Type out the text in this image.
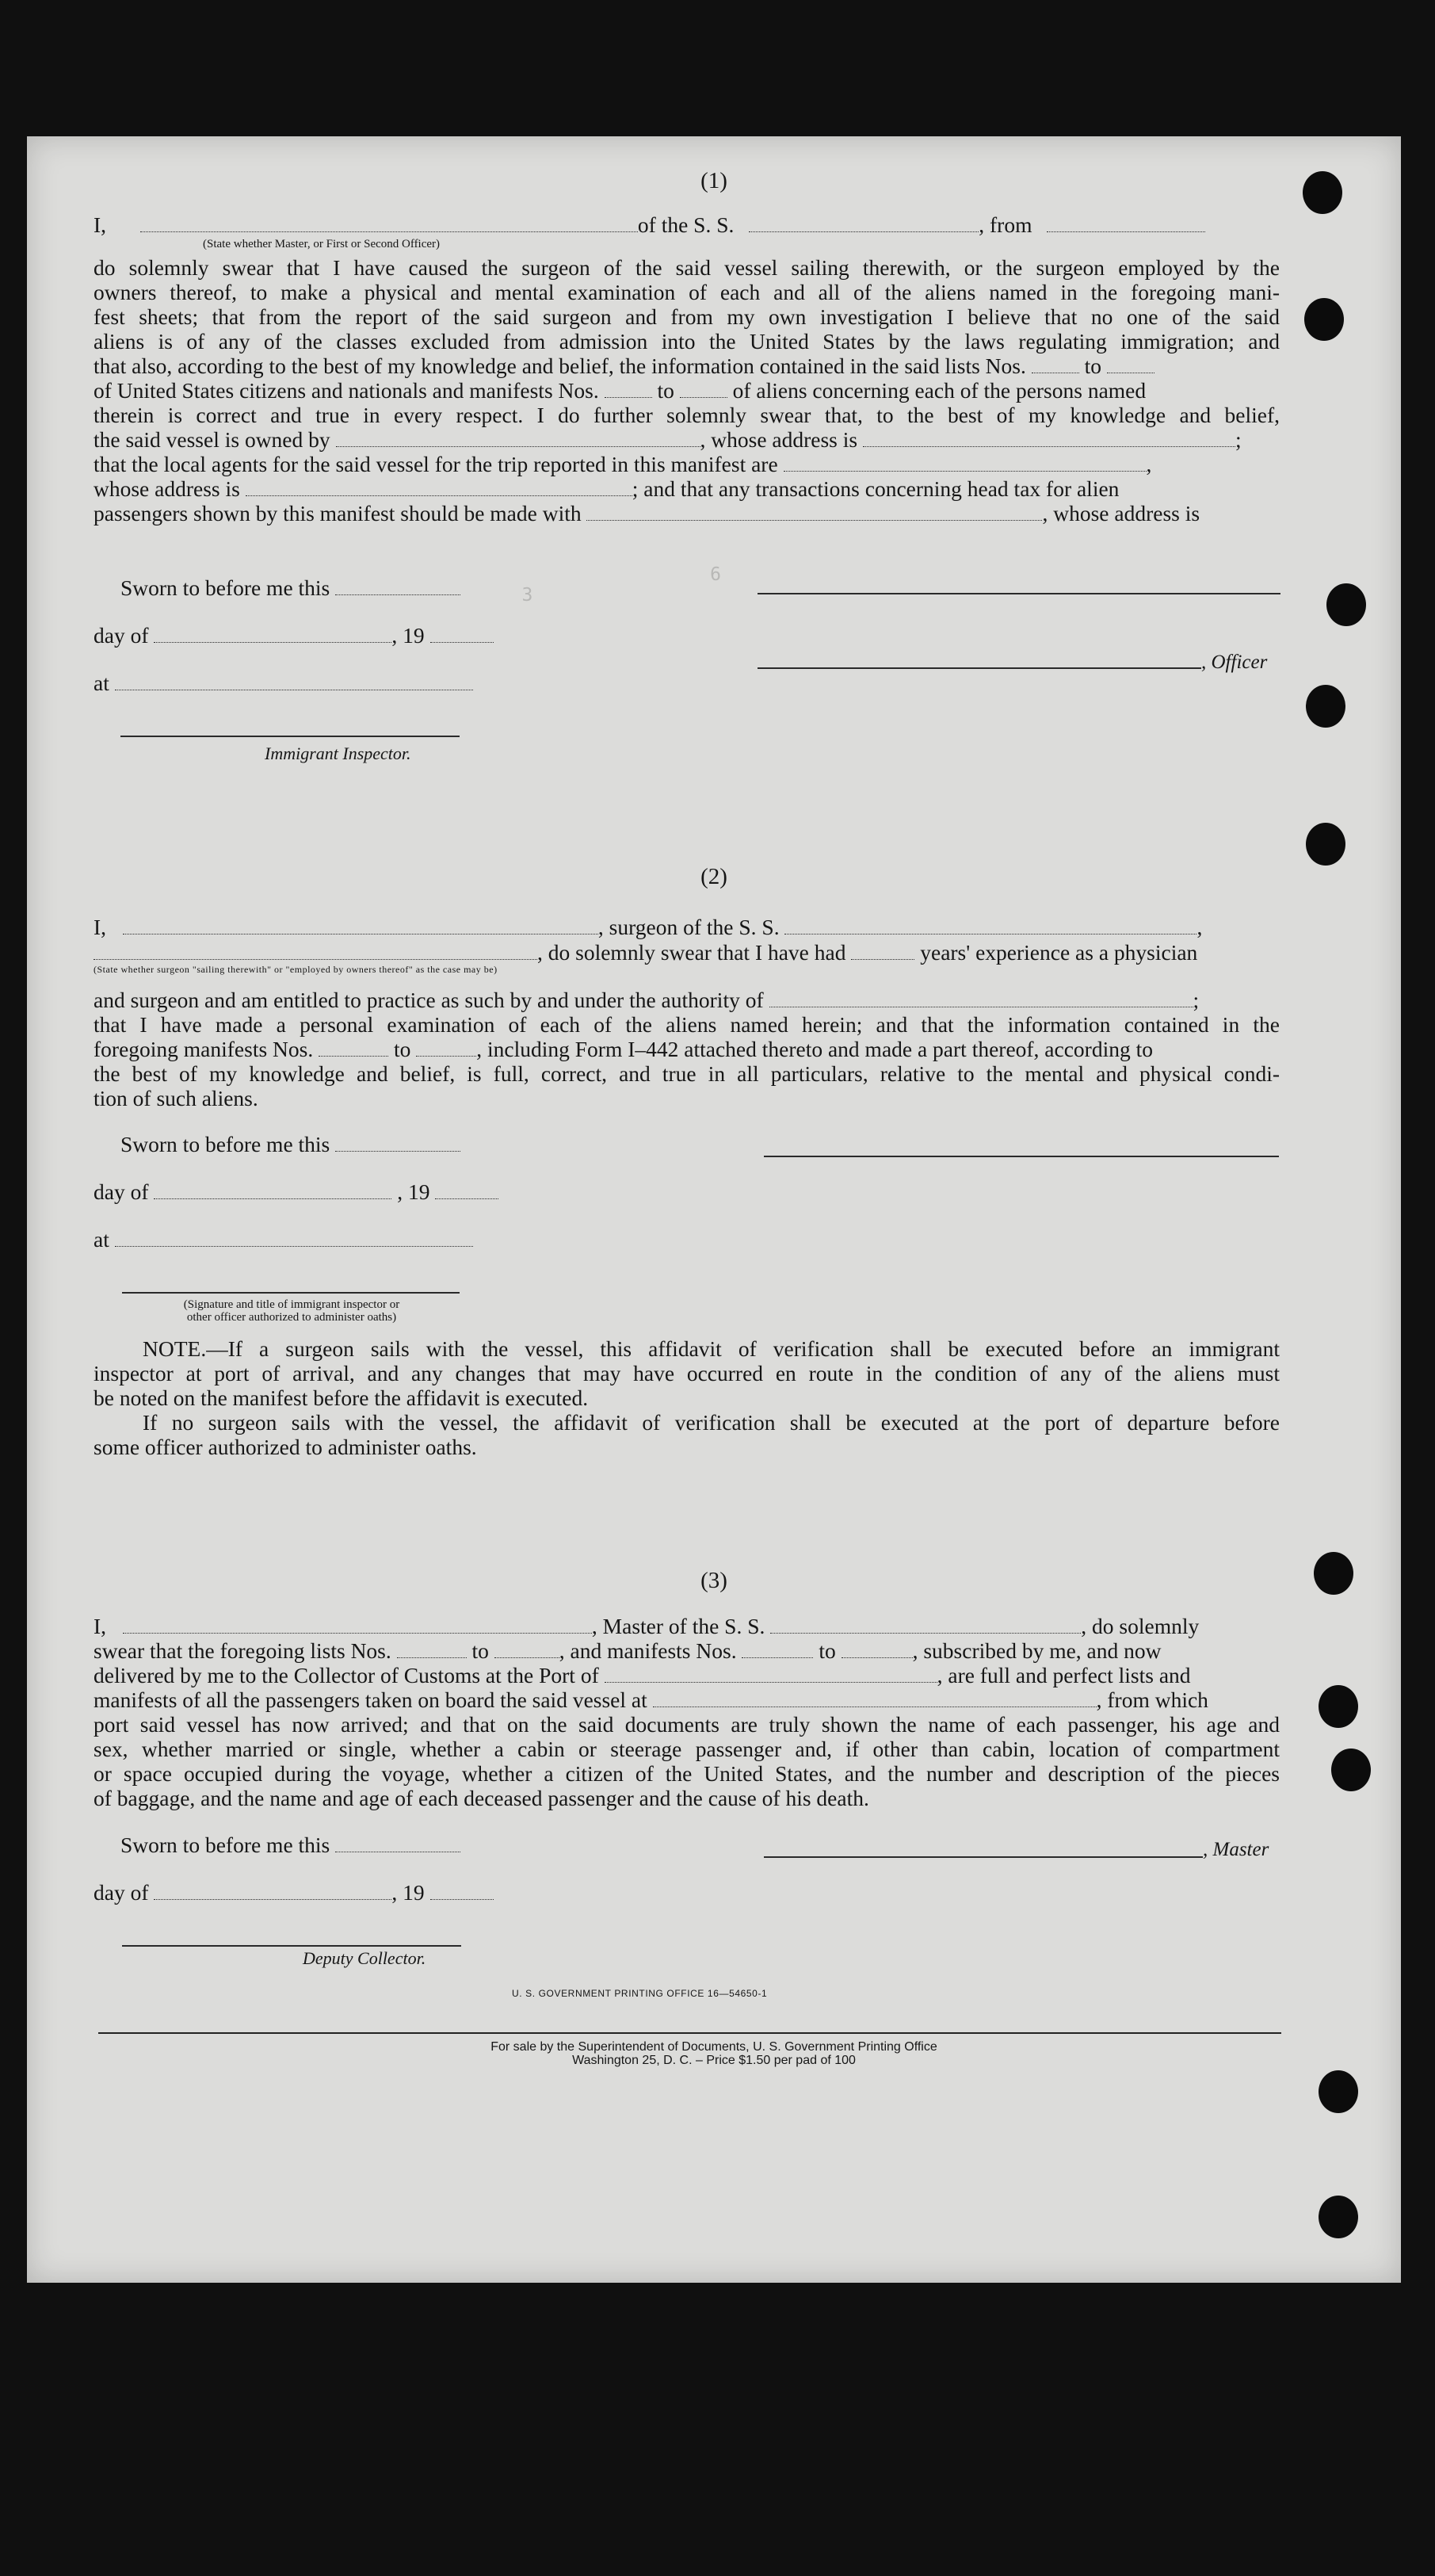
6
3
(1)
I,	of the S. S.	, from
(State whether Master, or First or Second Officer)
do solemnly swear that I have caused the surgeon of the said vessel sailing therewith, or the surgeon employed by the
owners thereof, to make a physical and mental examination of each and all of the aliens named in the foregoing mani-
fest sheets; that from the report of the said surgeon and from my own investigation I believe that no one of the said
aliens is of any of the classes excluded from admission into the United States by the laws regulating immigration; and
that also, according to the best of my knowledge and belief, the information contained in the said lists Nos.	to
of United States citizens and nationals and manifests Nos.	to	of aliens concerning each of the persons named
therein is correct and true in every respect. I do further solemnly swear that, to the best of my knowledge and belief,
the said vessel is owned by	, whose address is	;
that the local agents for the said vessel for the trip reported in this manifest are	,
whose address is	; and that any transactions concerning head tax for alien
passengers shown by this manifest should be made with	, whose address is
Sworn to before me this
day of	, 19
at
Immigrant Inspector.
, Officer
(2)
I,	, surgeon of the S. S.	,
, do solemnly swear that I have had	years' experience as a physician
(State whether surgeon "sailing therewith" or "employed by owners thereof" as the case may be)
and surgeon and am entitled to practice as such by and under the authority of	;
that I have made a personal examination of each of the aliens named herein; and that the information contained in the
foregoing manifests Nos.	to	, including Form I–442 attached thereto and made a part thereof, according to
the best of my knowledge and belief, is full, correct, and true in all particulars, relative to the mental and physical condi-
tion of such aliens.
Sworn to before me this
day of	, 19
at
(Signature and title of immigrant inspector or
other officer authorized to administer oaths)
NOTE.—If a surgeon sails with the vessel, this affidavit of verification shall be executed before an immigrant
inspector at port of arrival, and any changes that may have occurred en route in the condition of any of the aliens must
be noted on the manifest before the affidavit is executed.
If no surgeon sails with the vessel, the affidavit of verification shall be executed at the port of departure before
some officer authorized to administer oaths.
(3)
I,	, Master of the S. S.	, do solemnly
swear that the foregoing lists Nos.	to	, and manifests Nos.	to	, subscribed by me, and now
delivered by me to the Collector of Customs at the Port of	, are full and perfect lists and
manifests of all the passengers taken on board the said vessel at	, from which
port said vessel has now arrived; and that on the said documents are truly shown the name of each passenger, his age and
sex, whether married or single, whether a cabin or steerage passenger and, if other than cabin, location of compartment
or space occupied during the voyage, whether a citizen of the United States, and the number and description of the pieces
of baggage, and the name and age of each deceased passenger and the cause of his death.
Sworn to before me this	, Master
day of	, 19
Deputy Collector.
U. S. GOVERNMENT PRINTING OFFICE 16—54650-1
For sale by the Superintendent of Documents, U. S. Government Printing Office
Washington 25, D. C. – Price $1.50 per pad of 100
